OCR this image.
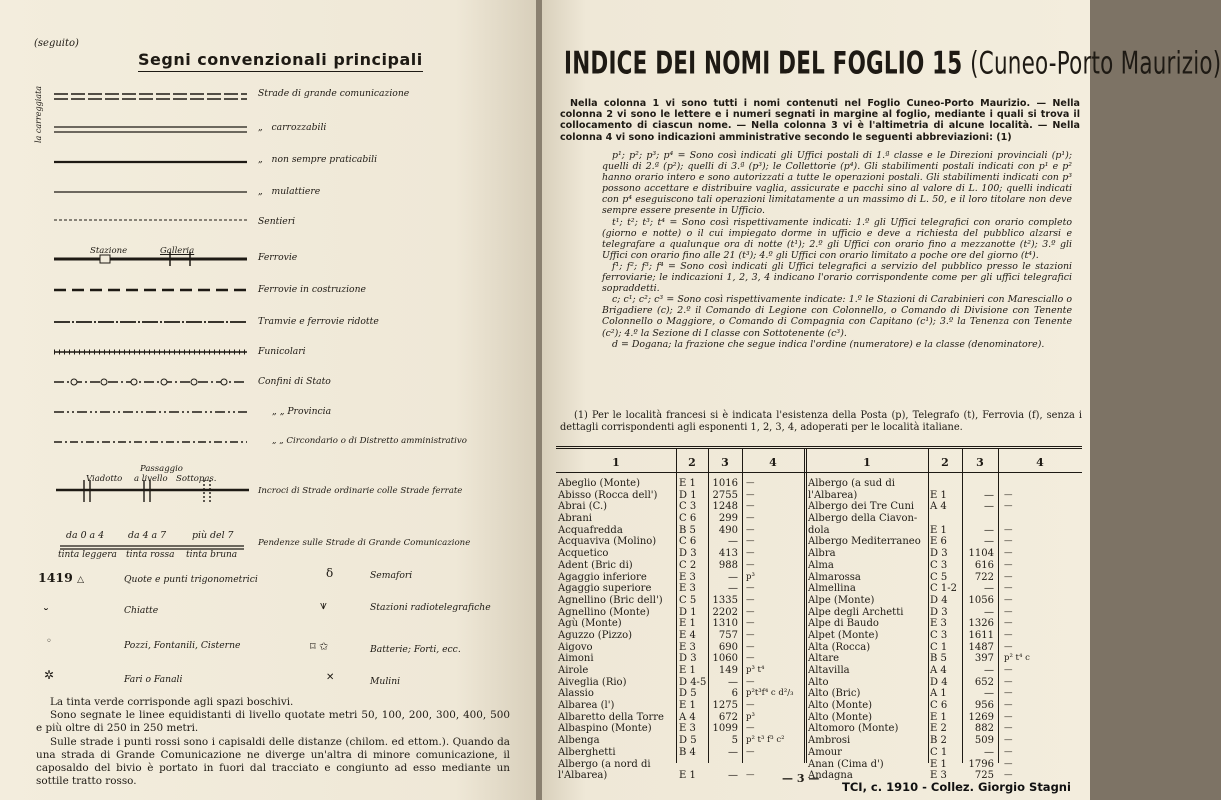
(seguito)
Segni convenzionali principali
la carreggiata
Stazione	Galleria
Strade di grande comunicazione
„ carrozzabili
„ non sempre praticabili
„ mulattiere
Sentieri
Ferrovie
Ferrovie in costruzione
Tramvie e ferrovie ridotte
Funicolari
Confini di Stato
„ „ Provincia
„ „ Circondario o di Distretto amministrativo
Viadotto
Passaggio
a livello Sottopas.
Incroci di Strade ordinarie colle Strade ferrate
da 0 a 4	da 4 a 7	più del 7
tinta leggera tinta rossa tinta bruna
Pendenze sulle Strade di Grande Comunicazione
1419 △	Quote e punti trigonometrici
⏑	Chiatte
◦	Pozzi, Fontanili, Cisterne
✲	Fari o Fanali
ẟ	Semafori
⩛	Stazioni radiotelegrafiche
⌑ ✩	Batterie; Forti, ecc.
✕	Mulini

La tinta verde corrisponde agli spazi boschivi.

Sono segnate le linee equidistanti di livello quotate metri 50, 100, 200, 300, 400, 500 e più oltre di 250 in 250 metri.

Sulle strade i punti rossi sono i capisaldi delle distanze (chilom. ed ettom.). Quando da una strada di Grande Comunicazione ne diverge un'altra di minore comunicazione, il caposaldo del bivio è portato in fuori dal tracciato e congiunto ad esso mediante un sottile tratto rosso.

INDICE DEI NOMI DEL FOGLIO 15 (Cuneo-Porto Maurizio)

Nella colonna 1 vi sono tutti i nomi contenuti nel Foglio Cuneo-Porto Maurizio. — Nella colonna 2 vi sono le lettere e i numeri segnati in margine al foglio, mediante i quali si trova il collocamento di ciascun nome. — Nella colonna 3 vi è l'altimetria di alcune località. — Nella colonna 4 vi sono indicazioni amministrative secondo le seguenti abbreviazioni: (1)

p¹; p²; p³; p⁴ = Sono così indicati gli Uffici postali di 1.ª classe e le Direzioni provinciali (p¹); quelli di 2.ª (p²); quelli di 3.ª (p³); le Collettorie (p⁴). Gli stabilimenti postali indicati con p¹ e p² hanno orario intero e sono autorizzati a tutte le operazioni postali. Gli stabilimenti indicati con p³ possono accettare e distribuire vaglia, assicurate e pacchi sino al valore di L. 100; quelli indicati con p⁴ eseguiscono tali operazioni limitatamente a un massimo di L. 50, e il loro titolare non deve sempre essere presente in Ufficio.

t¹; t²; t³; t⁴ = Sono così rispettivamente indicati: 1.º gli Uffici telegrafici con orario completo (giorno e notte) o il cui impiegato dorme in ufficio e deve a richiesta del pubblico alzarsi e telegrafare a qualunque ora di notte (t¹); 2.º gli Uffici con orario fino a mezzanotte (t²); 3.º gli Uffici con orario fino alle 21 (t³); 4.º gli Uffici con orario limitato a poche ore del giorno (t⁴).

f¹; f²; f³; f⁴ = Sono così indicati gli Uffici telegrafici a servizio del pubblico presso le stazioni ferroviarie; le indicazioni 1, 2, 3, 4 indicano l'orario corrispondente come per gli uffici telegrafici sopraddetti.

c; c¹; c²; c³ = Sono così rispettivamente indicate: 1.º le Stazioni di Carabinieri con Maresciallo o Brigadiere (c); 2.º il Comando di Legione con Colonnello, o Comando di Divisione con Tenente Colonnello o Maggiore, o Comando di Compagnia con Capitano (c¹); 3.º la Tenenza con Tenente (c²); 4.º la Sezione di I classe con Sottotenente (c³).

d = Dogana; la frazione che segue indica l'ordine (numeratore) e la classe (denominatore).

(1) Per le località francesi si è indicata l'esistenza della Posta (p), Telegrafo (t), Ferrovia (f), senza i dettagli corrispondenti agli esponenti 1, 2, 3, 4, adoperati per le località italiane.

1	2	3	4	1	2	3	4
Abeglio (Monte)	E 1	1016 —
Abisso (Rocca dell')	D 1	2755 —
Abrai (C.)	C 3	1248 —
Abrani	C 6	299 —
Acquafredda	B 5	490 —
Acquaviva (Molino)	C 6	— —
Acquetico	D 3	413 —
Adent (Bric di)	C 2	988 —
Agaggio inferiore	E 3	— p³
Agaggio superiore	E 3	— —
Agnellino (Bric dell')	C 5	1335 —
Agnellino (Monte)	D 1	2202 —
Agù (Monte)	E 1	1310 —
Aguzzo (Pizzo)	E 4	757 —
Aigovo	E 3	690 —
Aimoni	D 3	1060 —
Airole	E 1	149 p³ t⁴
Aiveglia (Rio)	D 4-5	— —
Alassio	D 5	6 p²t³f⁴ c d²/₃
Albarea (l')	E 1	1275 —
Albaretto della Torre	A 4	672 p³
Albaspino (Monte)	E 3	1099 —
Albenga	D 5	5 p² t³ f³ c²
Alberghetti	B 4	— —
Albergo (a nord di
l'Albarea)	E 1	— —
Albergo (a sud di
l'Albarea)	E 1	— —
Albergo dei Tre Cuni	A 4	— —
Albergo della Ciavon-
dola	E 1	— —
Albergo Mediterraneo E 6	— —
Albra	D 3	1104 —
Alma	C 3	616 —
Almarossa	C 5	722 —
Almellina	C 1-2	— —
Alpe (Monte)	D 4	1056 —
Alpe degli Archetti	D 3	— —
Alpe di Baudo	E 3	1326 —
Alpet (Monte)	C 3	1611 —
Alta (Rocca)	C 1	1487 —
Altare	B 5	397 p² t⁴ c
Altavilla	A 4	— —
Alto	D 4	652 —
Alto (Bric)	A 1	— —
Alto (Monte)	C 6	956 —
Alto (Monte)	E 1	1269 —
Altomoro (Monte)	E 2	882 —
Ambrosi	B 2	509 —
Amour	C 1	— —
Anan (Cima d')	E 1	1796 —
Andagna	E 3	725 —
— 3 —
TCI, c. 1910 - Collez. Giorgio Stagni
